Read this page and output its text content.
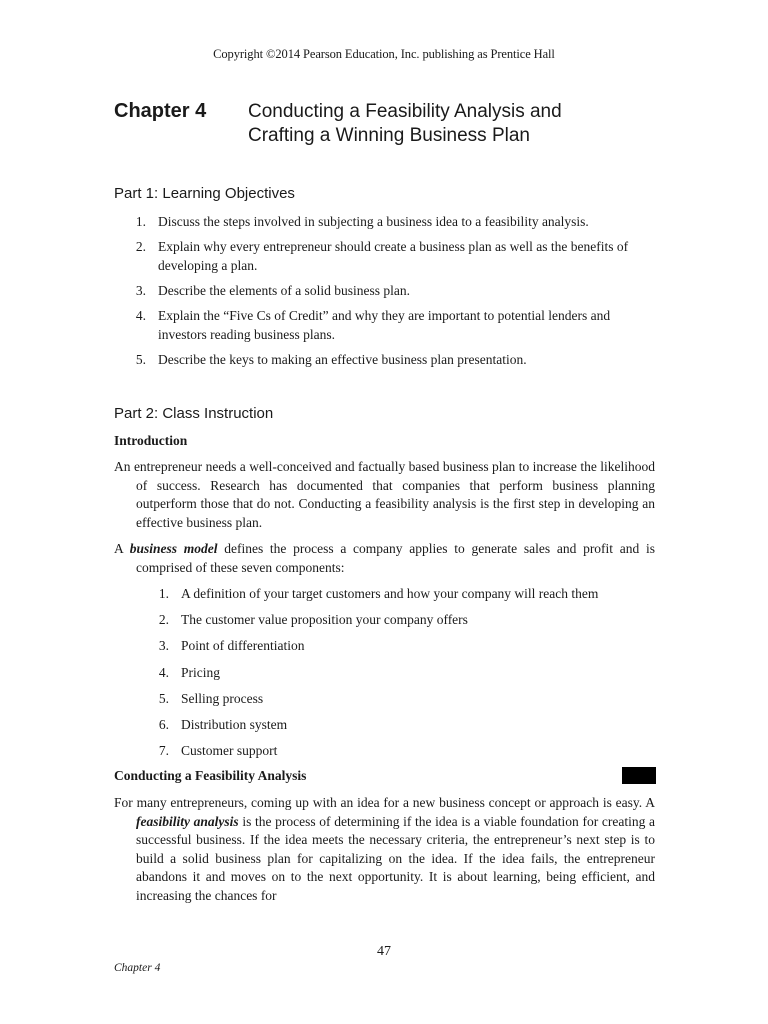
Copyright ©2014 Pearson Education, Inc. publishing as Prentice Hall
Chapter 4 Conducting a Feasibility Analysis and
Crafting a Winning Business Plan
Part 1: Learning Objectives
1. Discuss the steps involved in subjecting a business idea to a feasibility analysis.
2. Explain why every entrepreneur should create a business plan as well as the benefits of developing a plan.
3. Describe the elements of a solid business plan.
4. Explain the “Five Cs of Credit” and why they are important to potential lenders and investors reading business plans.
5. Describe the keys to making an effective business plan presentation.
Part 2: Class Instruction
Introduction

An entrepreneur needs a well-conceived and factually based business plan to increase the likelihood of success. Research has documented that companies that perform business planning outperform those that do not. Conducting a feasibility analysis is the first step in developing an effective business plan.

A business model defines the process a company applies to generate sales and profit and is comprised of these seven components:

1. A definition of your target customers and how your company will reach them
2. The customer value proposition your company offers
3. Point of differentiation
4. Pricing
5. Selling process
6. Distribution system
7. Customer support
Conducting a Feasibility Analysis

For many entrepreneurs, coming up with an idea for a new business concept or approach is easy. A feasibility analysis is the process of determining if the idea is a viable foundation for creating a successful business. If the idea meets the necessary criteria, the entrepreneur’s next step is to build a solid business plan for capitalizing on the idea. If the idea fails, the entrepreneur abandons it and moves on to the next opportunity. It is about learning, being efficient, and increasing the chances for

47
Chapter 4
